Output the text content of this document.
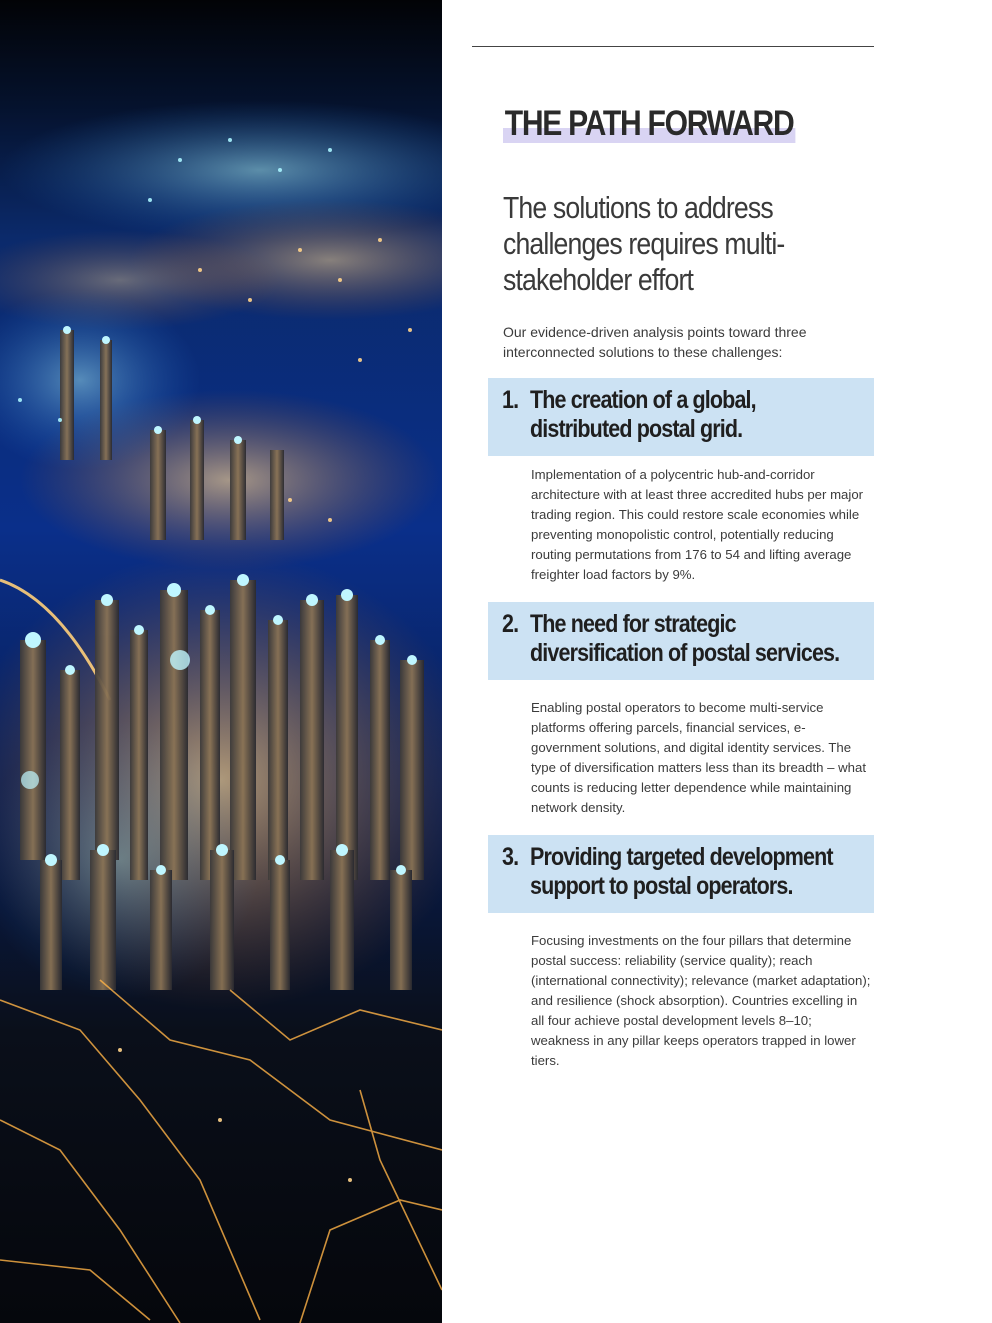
THE PATH FORWARD
The solutions to address challenges requires multi-stakeholder effort

Our evidence-driven analysis points toward three interconnected solutions to these challenges:

1. The creation of a global,
distributed postal grid.

Implementation of a polycentric hub-and-corridor architecture with at least three accredited hubs per major trading region. This could restore scale economies while preventing monopolistic control, potentially reducing routing permutations from 176 to 54 and lifting average freighter load factors by 9%.

2. The need for strategic
diversification of postal services.

Enabling postal operators to become multi-service platforms offering parcels, financial services, e-government solutions, and digital identity services. The type of diversification matters less than its breadth – what counts is reducing letter dependence while maintaining network density.

3. Providing targeted development
support to postal operators.

Focusing investments on the four pillars that determine postal success: reliability (service quality); reach (international connectivity); relevance (market adaptation); and resilience (shock absorption). Countries excelling in all four achieve postal development levels 8–10; weakness in any pillar keeps operators trapped in lower tiers.
